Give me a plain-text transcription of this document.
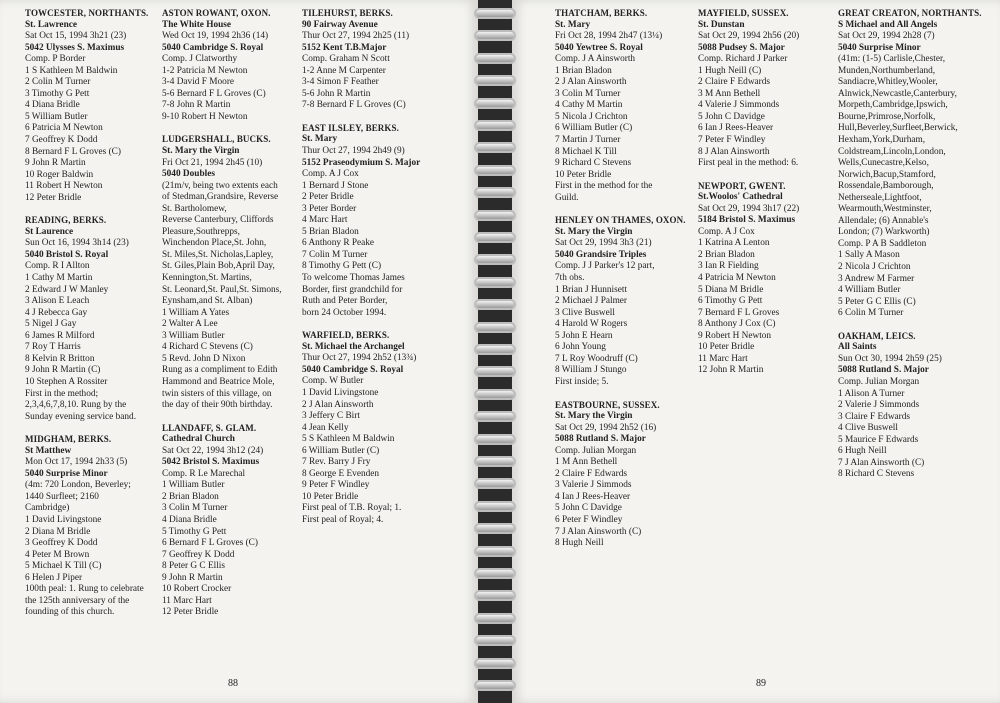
TOWCESTER, NORTHANTS.
St. Lawrence
Sat Oct 15, 1994 3h21 (23)
5042 Ulysses S. Maximus
Comp. P Border
1 S Kathleen M Baldwin
2 Colin M Turner
3 Timothy G Pett
4 Diana Bridle
5 William Butler
6 Patricia M Newton
7 Geoffrey K Dodd
8 Bernard F L Groves (C)
9 John R Martin
10 Roger Baldwin
11 Robert H Newton
12 Peter Bridle
READING, BERKS.
St Laurence
Sun Oct 16, 1994 3h14 (23)
5040 Bristol S. Royal
Comp. R I Allton
1 Cathy M Martin
2 Edward J W Manley
3 Alison E Leach
4 J Rebecca Gay
5 Nigel J Gay
6 James R Milford
7 Roy T Harris
8 Kelvin R Britton
9 John R Martin (C)
10 Stephen A Rossiter
First in the method;
2,3,4,6,7,8,10. Rung by the
Sunday evening service band.
MIDGHAM, BERKS.
St Matthew
Mon Oct 17, 1994 2h33 (5)
5040 Surprise Minor
(4m: 720 London, Beverley;
1440 Surfleet; 2160
Cambridge)
1 David Livingstone
2 Diana M Bridle
3 Geoffrey K Dodd
4 Peter M Brown
5 Michael K Till (C)
6 Helen J Piper
100th peal: 1. Rung to celebrate
the 125th anniversary of the
founding of this church.
ASTON ROWANT, OXON.
The White House
Wed Oct 19, 1994 2h36 (14)
5040 Cambridge S. Royal
Comp. J Clatworthy
1-2 Patricia M Newton
3-4 David F Moore
5-6 Bernard F L Groves (C)
7-8 John R Martin
9-10 Robert H Newton
LUDGERSHALL, BUCKS.
St. Mary the Virgin
Fri Oct 21, 1994 2h45 (10)
5040 Doubles
(21m/v, being two extents each
of Stedman,Grandsire, Reverse
St. Bartholomew,
Reverse Canterbury, Cliffords
Pleasure,Southrepps,
Winchendon Place,St. John,
St. Miles,St. Nicholas,Lapley,
St. Giles,Plain Bob,April Day,
Kennington,St. Martins,
St. Leonard,St. Paul,St. Simons,
Eynsham,and St. Alban)
1 William A Yates
2 Walter A Lee
3 William Butler
4 Richard C Stevens (C)
5 Revd. John D Nixon
Rung as a compliment to Edith
Hammond and Beatrice Mole,
twin sisters of this village, on
the day of their 90th birthday.
LLANDAFF, S. GLAM.
Cathedral Church
Sat Oct 22, 1994 3h12 (24)
5042 Bristol S. Maximus
Comp. R Le Marechal
1 William Butler
2 Brian Bladon
3 Colin M Turner
4 Diana Bridle
5 Timothy G Pett
6 Bernard F L Groves (C)
7 Geoffrey K Dodd
8 Peter G C Ellis
9 John R Martin
10 Robert Crocker
11 Marc Hart
12 Peter Bridle
TILEHURST, BERKS.
90 Fairway Avenue
Thur Oct 27, 1994 2h25 (11)
5152 Kent T.B.Major
Comp. Graham N Scott
1-2 Anne M Carpenter
3-4 Simon F Feather
5-6 John R Martin
7-8 Bernard F L Groves (C)
EAST ILSLEY, BERKS.
St. Mary
Thur Oct 27, 1994 2h49 (9)
5152 Praseodymium S. Major
Comp. A J Cox
1 Bernard J Stone
2 Peter Bridle
3 Peter Border
4 Marc Hart
5 Brian Bladon
6 Anthony R Peake
7 Colin M Turner
8 Timothy G Pett (C)
To welcome Thomas James
Border, first grandchild for
Ruth and Peter Border,
born 24 October 1994.
WARFIELD, BERKS.
St. Michael the Archangel
Thur Oct 27, 1994 2h52 (13¾)
5040 Cambridge S. Royal
Comp. W Butler
1 David Livingstone
2 J Alan Ainsworth
3 Jeffery C Birt
4 Jean Kelly
5 S Kathleen M Baldwin
6 William Butler (C)
7 Rev. Barry J Fry
8 George E Evenden
9 Peter F Windley
10 Peter Bridle
First peal of T.B. Royal; 1.
First peal of Royal; 4.
THATCHAM, BERKS.
St. Mary
Fri Oct 28, 1994 2h47 (13¼)
5040 Yewtree S. Royal
Comp. J A Ainsworth
1 Brian Bladon
2 J Alan Ainsworth
3 Colin M Turner
4 Cathy M Martin
5 Nicola J Crichton
6 William Butler (C)
7 Martin J Turner
8 Michael K Till
9 Richard C Stevens
10 Peter Bridle
First in the method for the
Guild.
HENLEY ON THAMES, OXON.
St. Mary the Virgin
Sat Oct 29, 1994 3h3 (21)
5040 Grandsire Triples
Comp. J J Parker's 12 part,
7th obs.
1 Brian J Hunnisett
2 Michael J Palmer
3 Clive Buswell
4 Harold W Rogers
5 John E Hearn
6 John Young
7 L Roy Woodruff (C)
8 William J Stungo
First inside; 5.
EASTBOURNE, SUSSEX.
St. Mary the Virgin
Sat Oct 29, 1994 2h52 (16)
5088 Rutland S. Major
Comp. Julian Morgan
1 M Ann Bethell
2 Claire F Edwards
3 Valerie J Simmods
4 Ian J Rees-Heaver
5 John C Davidge
6 Peter F Windley
7 J Alan Ainsworth (C)
8 Hugh Neill
MAYFIELD, SUSSEX.
St. Dunstan
Sat Oct 29, 1994 2h56 (20)
5088 Pudsey S. Major
Comp. Richard J Parker
1 Hugh Neill (C)
2 Claire F Edwards
3 M Ann Bethell
4 Valerie J Simmonds
5 John C Davidge
6 Ian J Rees-Heaver
7 Peter F Windley
8 J Alan Ainsworth
First peal in the method: 6.
NEWPORT, GWENT.
St.Woolos' Cathedral
Sat Oct 29, 1994 3h17 (22)
5184 Bristol S. Maximus
Comp. A J Cox
1 Katrina A Lenton
2 Brian Bladon
3 Ian R Fielding
4 Patricia M Newton
5 Diana M Bridle
6 Timothy G Pett
7 Bernard F L Groves
8 Anthony J Cox (C)
9 Robert H Newton
10 Peter Bridle
11 Marc Hart
12 John R Martin
GREAT CREATON, NORTHANTS.
S Michael and All Angels
Sat Oct 29, 1994 2h28 (7)
5040 Surprise Minor
(41m: (1-5) Carlisle,Chester,
Munden,Northumberland,
Sandiacre,Whitley,Wooler,
Alnwick,Newcastle,Canterbury,
Morpeth,Cambridge,Ipswich,
Bourne,Primrose,Norfolk,
Hull,Beverley,Surfleet,Berwick,
Hexham,York,Durham,
Coldstream,Lincoln,London,
Wells,Cunecastre,Kelso,
Norwich,Bacup,Stamford,
Rossendale,Bamborough,
Netherseale,Lightfoot,
Wearmouth,Westminster,
Allendale; (6) Annable's
London; (7) Warkworth)
Comp. P A B Saddleton
1 Sally A Mason
2 Nicola J Crichton
3 Andrew M Farmer
4 William Butler
5 Peter G C Ellis (C)
6 Colin M Turner
OAKHAM, LEICS.
All Saints
Sun Oct 30, 1994 2h59 (25)
5088 Rutland S. Major
Comp. Julian Morgan
1 Alison A Turner
2 Valerie J Simmonds
3 Claire F Edwards
4 Clive Buswell
5 Maurice F Edwards
6 Hugh Neill
7 J Alan Ainsworth (C)
8 Richard C Stevens
88	89
